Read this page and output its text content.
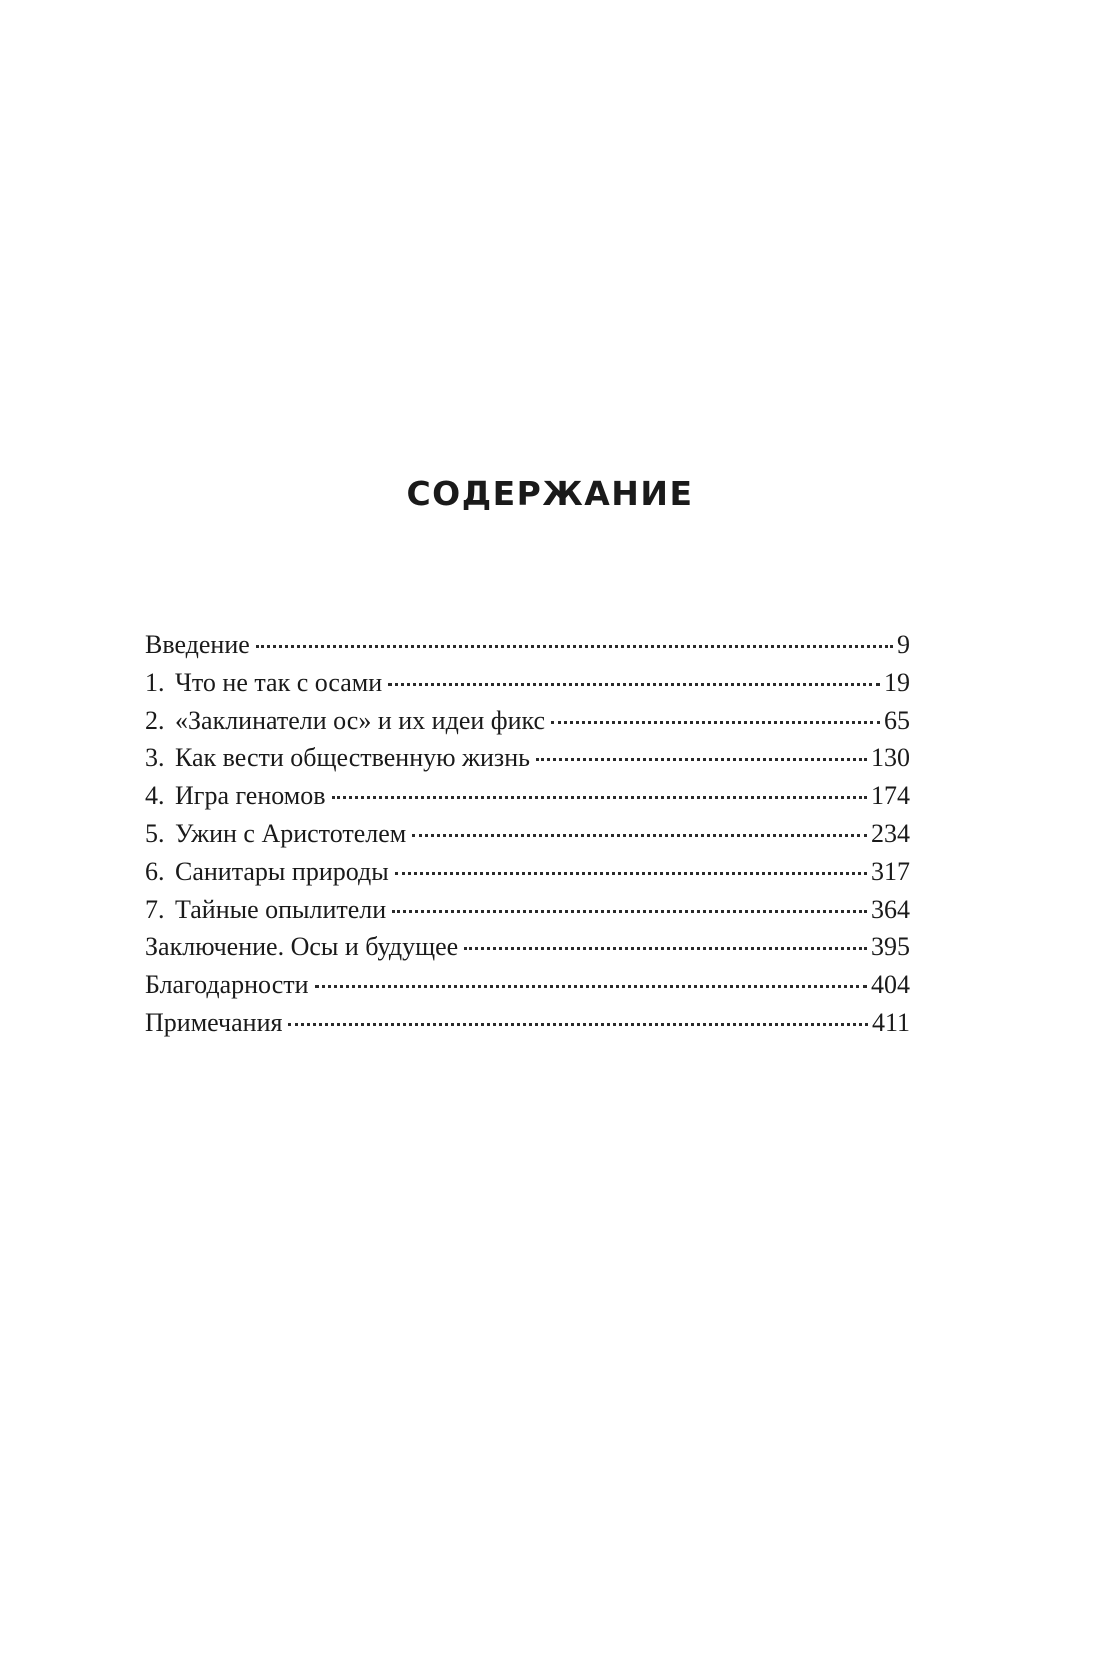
СОДЕРЖАНИЕ
Введение	9
1. Что не так с осами	19
2. «Заклинатели ос» и их идеи фикс	65
3. Как вести общественную жизнь	130
4. Игра геномов	174
5. Ужин с Аристотелем	234
6. Санитары природы	317
7. Тайные опылители	364
Заключение. Осы и будущее	395
Благодарности	404
Примечания	411
